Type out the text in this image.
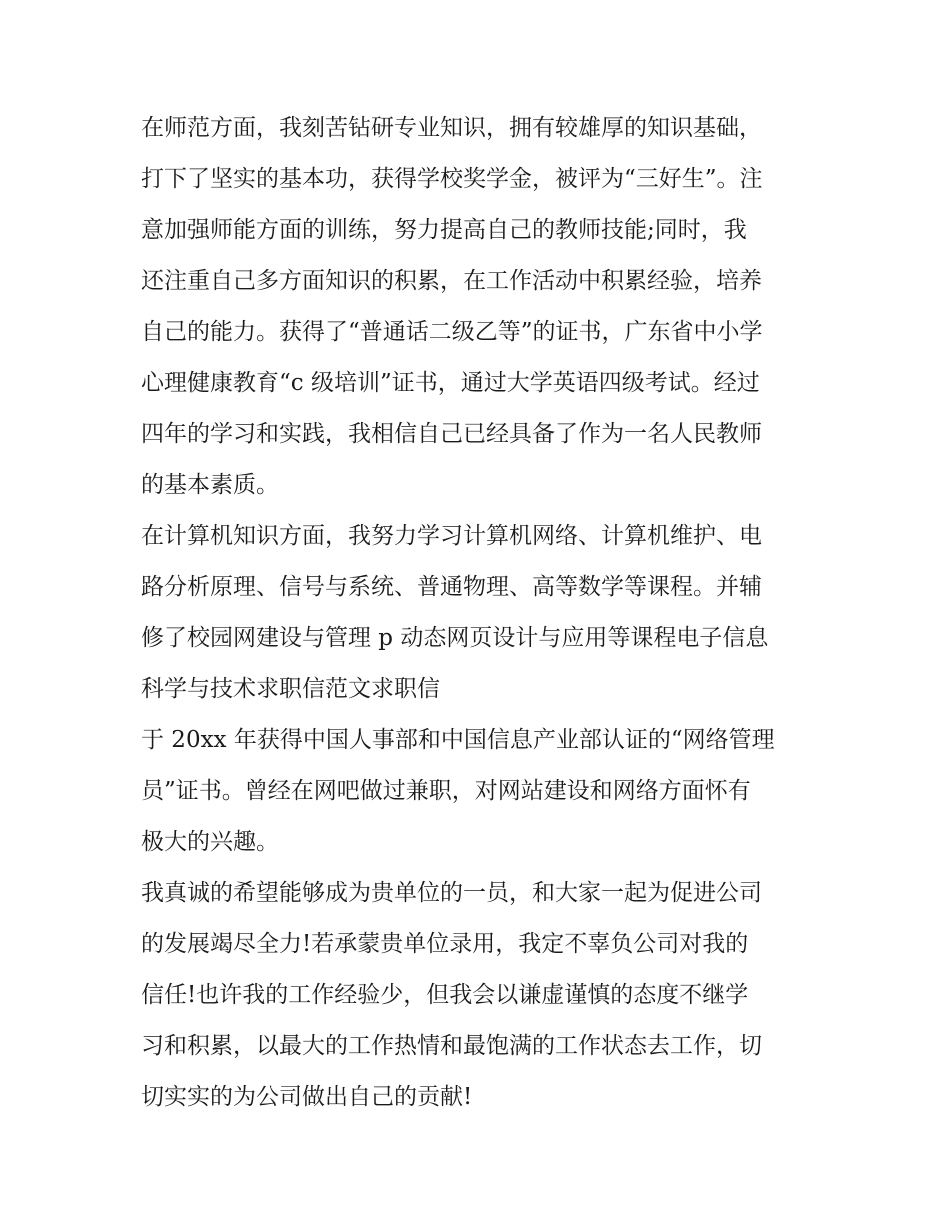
在师范方面，我刻苦钻研专业知识，拥有较雄厚的知识基础，
打下了坚实的基本功，获得学校奖学金，被评为“三好生”。注
意加强师能方面的训练，努力提高自己的教师技能;同时，我
还注重自己多方面知识的积累，在工作活动中积累经验，培养
自己的能力。获得了“普通话二级乙等”的证书，广东省中小学
心理健康教育“c 级培训”证书，通过大学英语四级考试。经过
四年的学习和实践，我相信自己已经具备了作为一名人民教师
的基本素质。
在计算机知识方面，我努力学习计算机网络、计算机维护、电
路分析原理、信号与系统、普通物理、高等数学等课程。并辅
修了校园网建设与管理 p 动态网页设计与应用等课程电子信息
科学与技术求职信范文求职信
于 20xx 年获得中国人事部和中国信息产业部认证的“网络管理
员”证书。曾经在网吧做过兼职，对网站建设和网络方面怀有
极大的兴趣。
我真诚的希望能够成为贵单位的一员，和大家一起为促进公司
的发展竭尽全力!若承蒙贵单位录用，我定不辜负公司对我的
信任!也许我的工作经验少，但我会以谦虚谨慎的态度不继学
习和积累，以最大的工作热情和最饱满的工作状态去工作，切
切实实的为公司做出自己的贡献!
